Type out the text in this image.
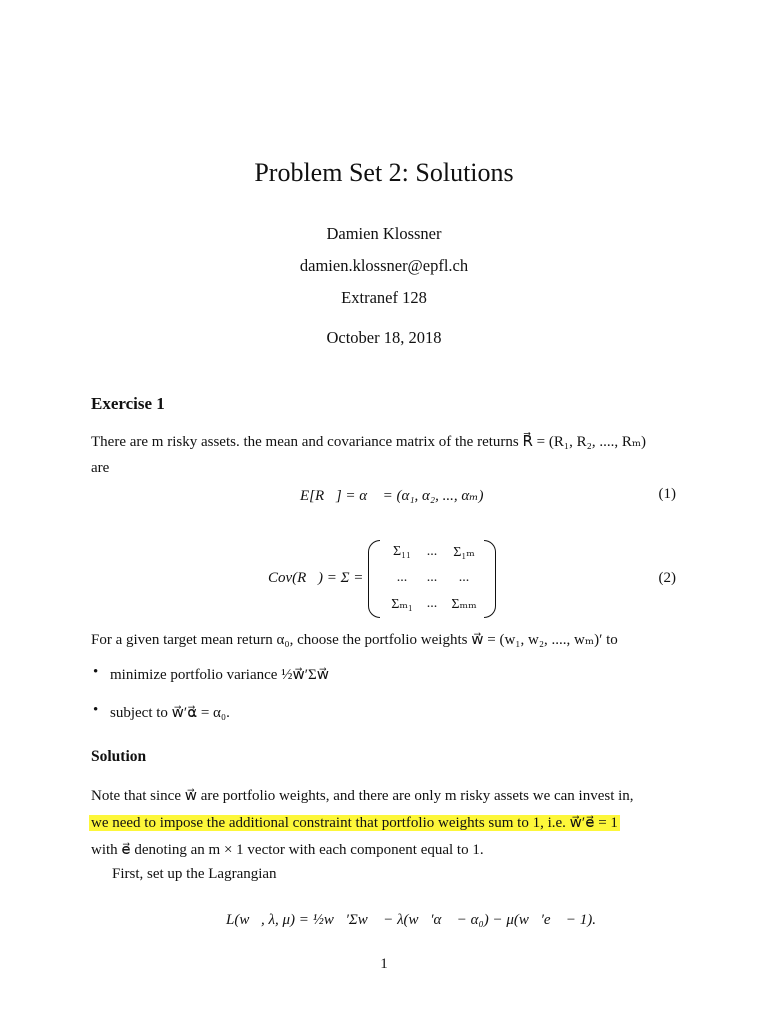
Problem Set 2: Solutions
Damien Klossner
damien.klossner@epfl.ch
Extranef 128
October 18, 2018
Exercise 1
There are m risky assets. the mean and covariance matrix of the returns R⃗ = (R₁, R₂, ...., Rₘ)
are
E[R⃗] = α⃗ = (α₁, α₂, ..., αₘ)	(1)
Cov(R⃗) = Σ =
Σ₁₁	...	Σ₁ₘ
...	...	...
Σₘ₁ ...	Σₘₘ
(2)
For a given target mean return α₀, choose the portfolio weights w⃗ = (w₁, w₂, ...., wₘ)′ to
• minimize portfolio variance ½w⃗′Σw⃗
• subject to w⃗′α⃗ = α₀.
Solution
Note that since w⃗ are portfolio weights, and there are only m risky assets we can invest in,
we need to impose the additional constraint that portfolio weights sum to 1, i.e. w⃗′e⃗ = 1
with e⃗ denoting an m × 1 vector with each component equal to 1.
First, set up the Lagrangian
L(w⃗, λ, μ) = ½w⃗′Σw⃗ − λ(w⃗′α⃗ − α₀) − μ(w⃗′e⃗ − 1).
1
